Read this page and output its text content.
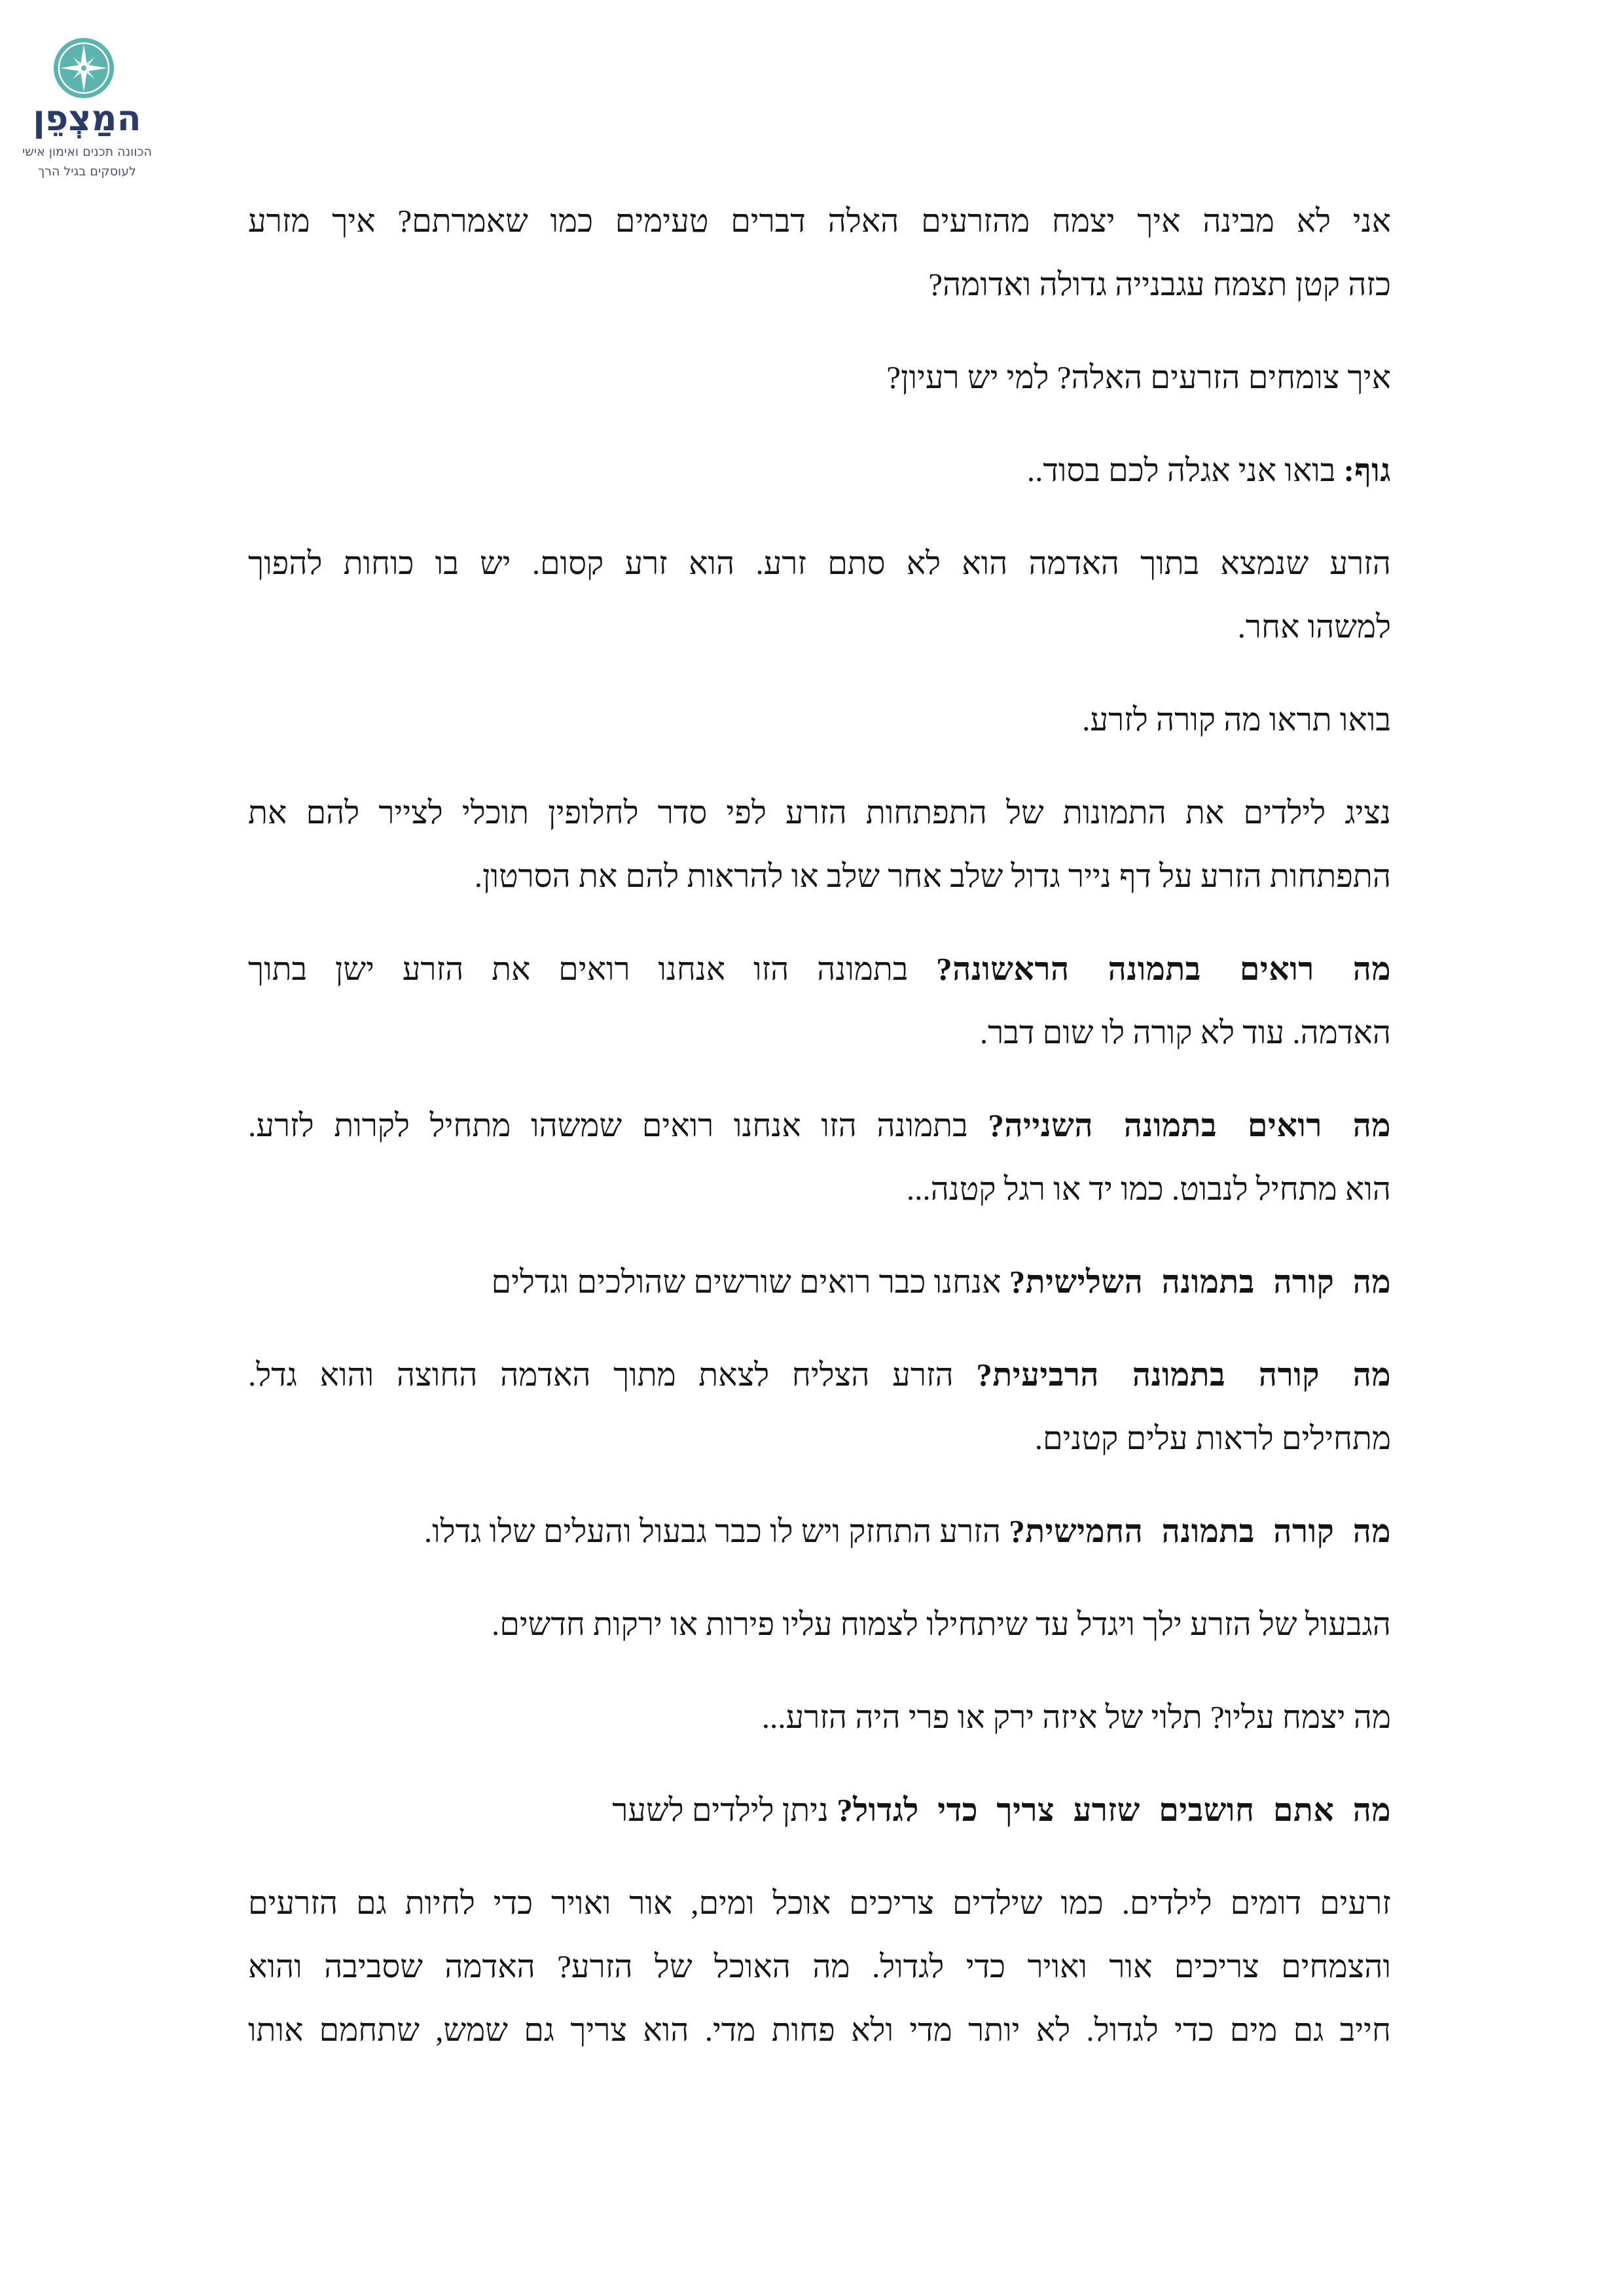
המַצְפֵן
הכוונה תכנים ואימון אישי
לעוסקים בגיל הרך
אני לא מבינה איך יצמח מהזרעים האלה דברים טעימים כמו שאמרתם? איך מזרע
כזה קטן תצמח עגבנייה גדולה ואדומה?
איך צומחים הזרעים האלה? למי יש רעיון?
גוף: בואו אני אגלה לכם בסוד..
הזרע שנמצא בתוך האדמה הוא לא סתם זרע. הוא זרע קסום. יש בו כוחות להפוך
למשהו אחר.
בואו תראו מה קורה לזרע.
נציג לילדים את התמונות של התפתחות הזרע לפי סדר לחלופין תוכלי לצייר להם את
התפתחות הזרע על דף נייר גדול שלב אחר שלב או להראות להם את הסרטון.
מה רואים בתמונה הראשונה? בתמונה הזו אנחנו רואים את הזרע ישן בתוך
האדמה. עוד לא קורה לו שום דבר.
מה רואים בתמונה השנייה? בתמונה הזו אנחנו רואים שמשהו מתחיל לקרות לזרע.
הוא מתחיל לנבוט. כמו יד או רגל קטנה...
מה קורה בתמונה השלישית? אנחנו כבר רואים שורשים שהולכים וגדלים
מה קורה בתמונה הרביעית? הזרע הצליח לצאת מתוך האדמה החוצה והוא גדל.
מתחילים לראות עלים קטנים.
מה קורה בתמונה החמישית? הזרע התחזק ויש לו כבר גבעול והעלים שלו גדלו.
הגבעול של הזרע ילך ויגדל עד שיתחילו לצמוח עליו פירות או ירקות חדשים.
מה יצמח עליו? תלוי של איזה ירק או פרי היה הזרע...
מה אתם חושבים שזרע צריך כדי לגדול? ניתן לילדים לשער
זרעים דומים לילדים. כמו שילדים צריכים אוכל ומים, אור ואויר כדי לחיות גם הזרעים
והצמחים צריכים אור ואויר כדי לגדול. מה האוכל של הזרע? האדמה שסביבה והוא
חייב גם מים כדי לגדול. לא יותר מדי ולא פחות מדי. הוא צריך גם שמש, שתחמם אותו
